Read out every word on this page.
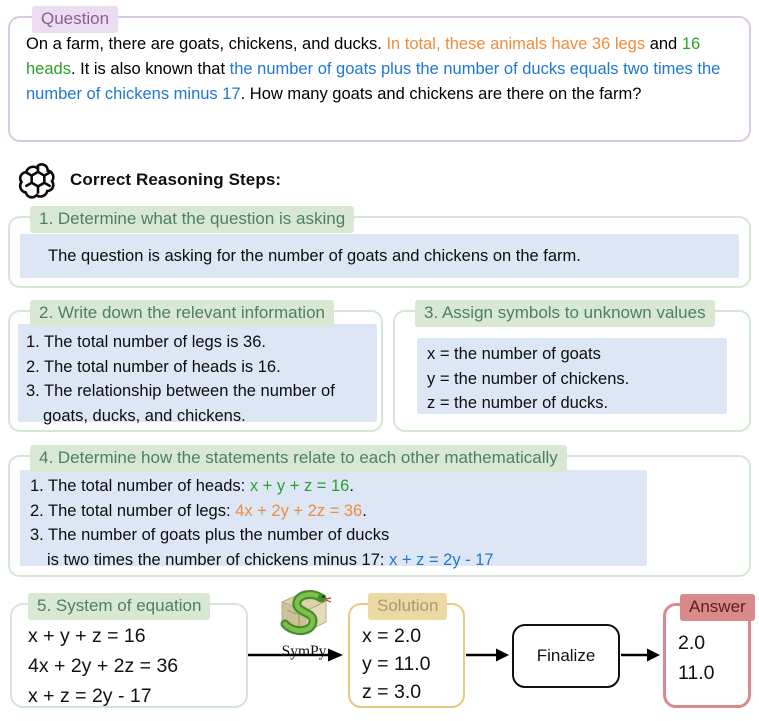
Question
On a farm, there are goats, chickens, and ducks. In total, these animals have 36 legs and 16 heads. It is also known that the number of goats plus the number of ducks equals two times the number of chickens minus 17. How many goats and chickens are there on the farm?
Correct Reasoning Steps:
1. Determine what the question is asking
The question is asking for the number of goats and chickens on the farm.
2. Write down the relevant information
1. The total number of legs is 36.
2. The total number of heads is 16.
3. The relationship between the number of goats, ducks, and chickens.
3. Assign symbols to unknown values
x = the number of goats
y = the number of chickens.
z = the number of ducks.
4. Determine how the statements relate to each other mathematically
1. The total number of heads: x + y + z = 16.
2. The total number of legs: 4x + 2y + 2z = 36.
3. The number of goats plus the number of ducks
is two times the number of chickens minus 17: x + z = 2y - 17
5. System of equation
x + y + z = 16
4x + 2y + 2z = 36
x + z = 2y - 17
SymPy
Solution
x = 2.0
y = 11.0
z = 3.0
Finalize
Answer
2.0
11.0
